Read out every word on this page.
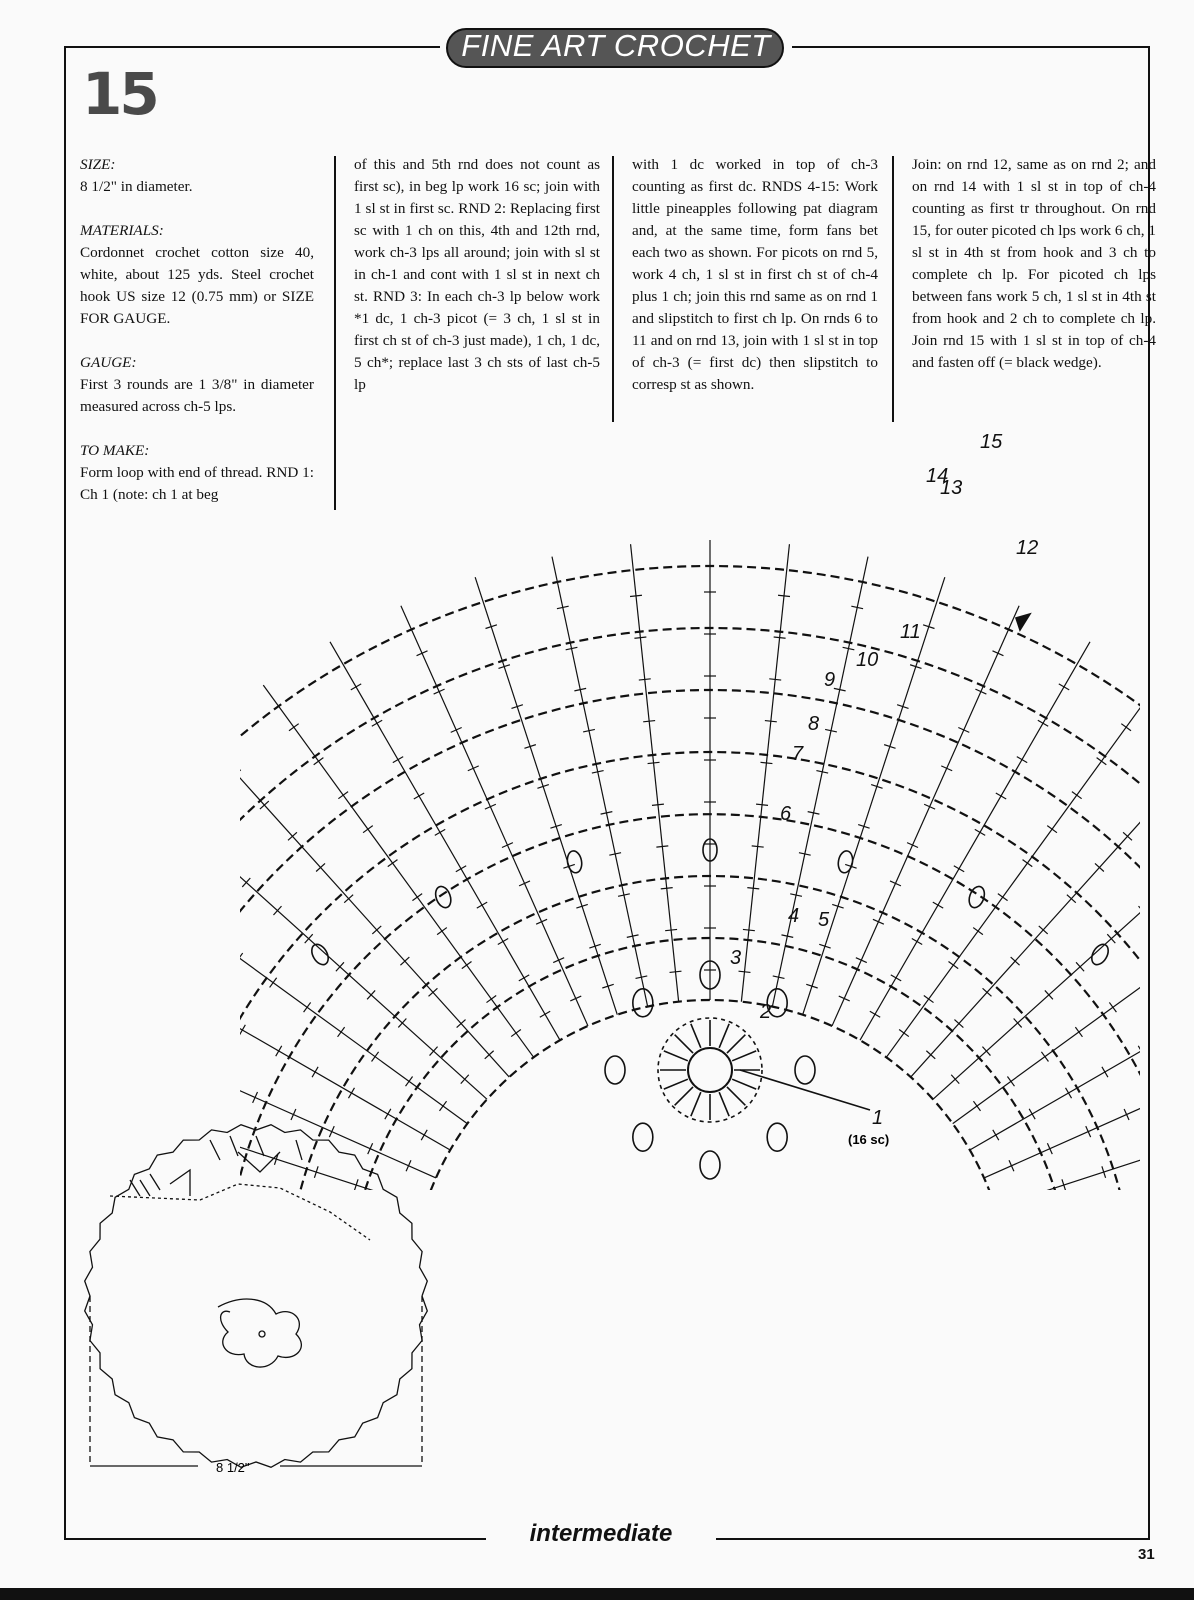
FINE ART CROCHET
15

SIZE:

8 1/2" in diameter.

MATERIALS:

Cordonnet crochet cotton size 40, white, about 125 yds. Steel crochet hook US size 12 (0.75 mm) or SIZE FOR GAUGE.

GAUGE:

First 3 rounds are 1 3/8" in diameter measured across ch-5 lps.

TO MAKE:

Form loop with end of thread. RND 1: Ch 1 (note: ch 1 at beg

of this and 5th rnd does not count as first sc), in beg lp work 16 sc; join with 1 sl st in first sc. RND 2: Replacing first sc with 1 ch on this, 4th and 12th rnd, work ch-3 lps all around; join with sl st in ch-1 and cont with 1 sl st in next ch st. RND 3: In each ch-3 lp below work *1 dc, 1 ch-3 picot (= 3 ch, 1 sl st in first ch st of ch-3 just made), 1 ch, 1 dc, 5 ch*; replace last 3 ch sts of last ch-5 lp

with 1 dc worked in top of ch-3 counting as first dc. RNDS 4-15: Work little pineapples following pat diagram and, at the same time, form fans bet each two as shown. For picots on rnd 5, work 4 ch, 1 sl st in first ch st of ch-4 plus 1 ch; join this rnd same as on rnd 1 and slipstitch to first ch lp. On rnds 6 to 11 and on rnd 13, join with 1 sl st in top of ch-3 (= first dc) then slipstitch to corresp st as shown.

Join: on rnd 12, same as on rnd 2; and on rnd 14 with 1 sl st in top of ch-4 counting as first tr throughout. On rnd 15, for outer picoted ch lps work 6 ch, 1 sl st in 4th st from hook and 3 ch to complete ch lp. For picoted ch lps between fans work 5 ch, 1 sl st in 4th st from hook and 2 ch to complete ch lp. Join rnd 15 with 1 sl st in top of ch-4 and fasten off (= black wedge).

1
2
3
4 5
6
7
8
9
10
11
12
13
14
15
(16 sc)
8 1/2"
intermediate
31
